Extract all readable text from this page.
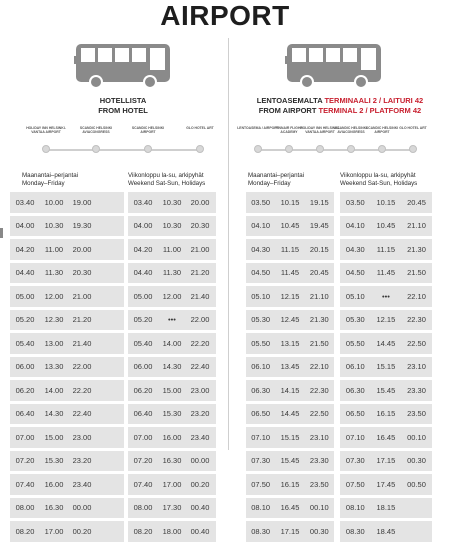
AIRPORT
HOTELLISTA
FROM HOTEL
HOLIDAY INN HELSINKI-VANTAA AIRPORT
SCANDIC HELSINKI AVIACONGRESS
SCANDIC HELSINKI AIRPORT
GLO HOTEL ART
Maanantai–perjantai
Monday–Friday
Viikonloppu la-su, arkipyhät
Weekend Sat-Sun, Holidays
03.40	10.00	19.00
04.00	10.30	19.30
04.20	11.00	20.00
04.40	11.30	20.30
05.00	12.00	21.00
05.20	12.30	21.20
05.40	13.00	21.40
06.00	13.30	22.00
06.20	14.00	22.20
06.40	14.30	22.40
07.00	15.00	23.00
07.20	15.30	23.20
07.40	16.00	23.40
08.00	16.30	00.00
08.20	17.00	00.20
03.40	10.30	20.00
04.00	10.30	20.30
04.20	11.00	21.00
04.40	11.30	21.20
05.00	12.00	21.40
05.20	•••	22.00
05.40	14.00	22.20
06.00	14.30	22.40
06.20	15.00	23.00
06.40	15.30	23.20
07.00	16.00	23.40
07.20	16.30	00.00
07.40	17.00	00.20
08.00	17.30	00.40
08.20	18.00	00.40
LENTOASEMALTA TERMINAALI 2 / LAITURI 42
FROM AIRPORT TERMINAL 2 / PLATFORM 42
LENTOASEMA / AIRPORT
FINNAIR FLIGHT ACADEMY
HOLIDAY INN HELSINKI-VANTAA AIRPORT
SCANDIC HELSINKI AVIACONGRESS
SCANDIC HELSINKI AIRPORT
GLO HOTEL ART
Maanantai–perjantai
Monday–Friday
Viikonloppu la-su, arkipyhät
Weekend Sat-Sun, Holidays
03.50	10.15	19.15
04.10	10.45	19.45
04.30	11.15	20.15
04.50	11.45	20.45
05.10	12.15	21.10
05.30	12.45	21.30
05.50	13.15	21.50
06.10	13.45	22.10
06.30	14.15	22.30
06.50	14.45	22.50
07.10	15.15	23.10
07.30	15.45	23.30
07.50	16.15	23.50
08.10	16.45	00.10
08.30	17.15	00.30
03.50	10.15	20.45
04.10	10.45	21.10
04.30	11.15	21.30
04.50	11.45	21.50
05.10	•••	22.10
05.30	12.15	22.30
05.50	14.45	22.50
06.10	15.15	23.10
06.30	15.45	23.30
06.50	16.15	23.50
07.10	16.45	00.10
07.30	17.15	00.30
07.50	17.45	00.50
08.10	18.15
08.30	18.45
